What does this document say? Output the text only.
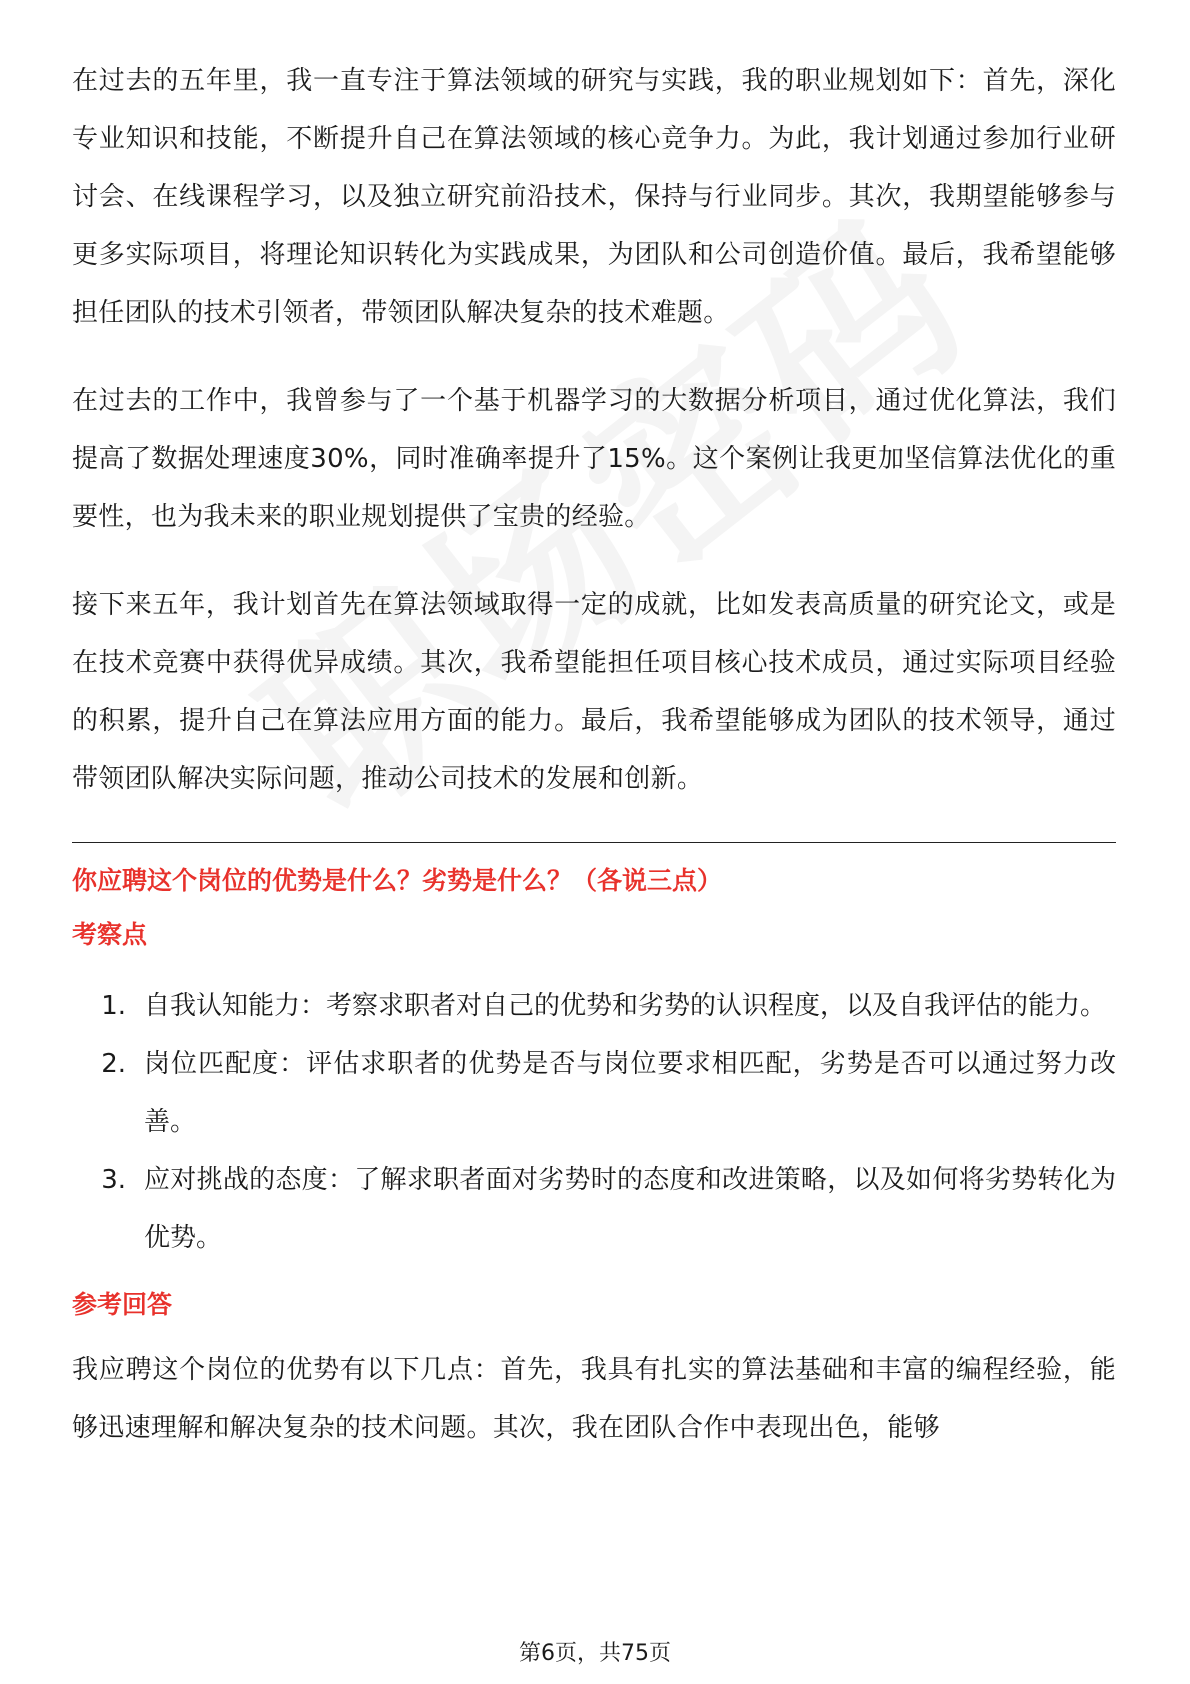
在过去的五年里，我一直专注于算法领域的研究与实践，我的职业规划如下：首先，深化专业知识和技能，不断提升自己在算法领域的核心竞争力。为此，我计划通过参加行业研讨会、在线课程学习，以及独立研究前沿技术，保持与行业同步。其次，我期望能够参与更多实际项目，将理论知识转化为实践成果，为团队和公司创造价值。最后，我希望能够担任团队的技术引领者，带领团队解决复杂的技术难题。

在过去的工作中，我曾参与了一个基于机器学习的大数据分析项目，通过优化算法，我们提高了数据处理速度30%，同时准确率提升了15%。这个案例让我更加坚信算法优化的重要性，也为我未来的职业规划提供了宝贵的经验。

接下来五年，我计划首先在算法领域取得一定的成就，比如发表高质量的研究论文，或是在技术竞赛中获得优异成绩。其次，我希望能担任项目核心技术成员，通过实际项目经验的积累，提升自己在算法应用方面的能力。最后，我希望能够成为团队的技术领导，通过带领团队解决实际问题，推动公司技术的发展和创新。

你应聘这个岗位的优势是什么？劣势是什么？（各说三点）
考察点
1. 自我认知能力：考察求职者对自己的优势和劣势的认识程度，以及自我评估的能力。
2. 岗位匹配度：评估求职者的优势是否与岗位要求相匹配，劣势是否可以通过努力改善。
3. 应对挑战的态度：了解求职者面对劣势时的态度和改进策略，以及如何将劣势转化为优势。
参考回答

我应聘这个岗位的优势有以下几点：首先，我具有扎实的算法基础和丰富的编程经验，能够迅速理解和解决复杂的技术问题。其次，我在团队合作中表现出色，能够

第6页，共75页
